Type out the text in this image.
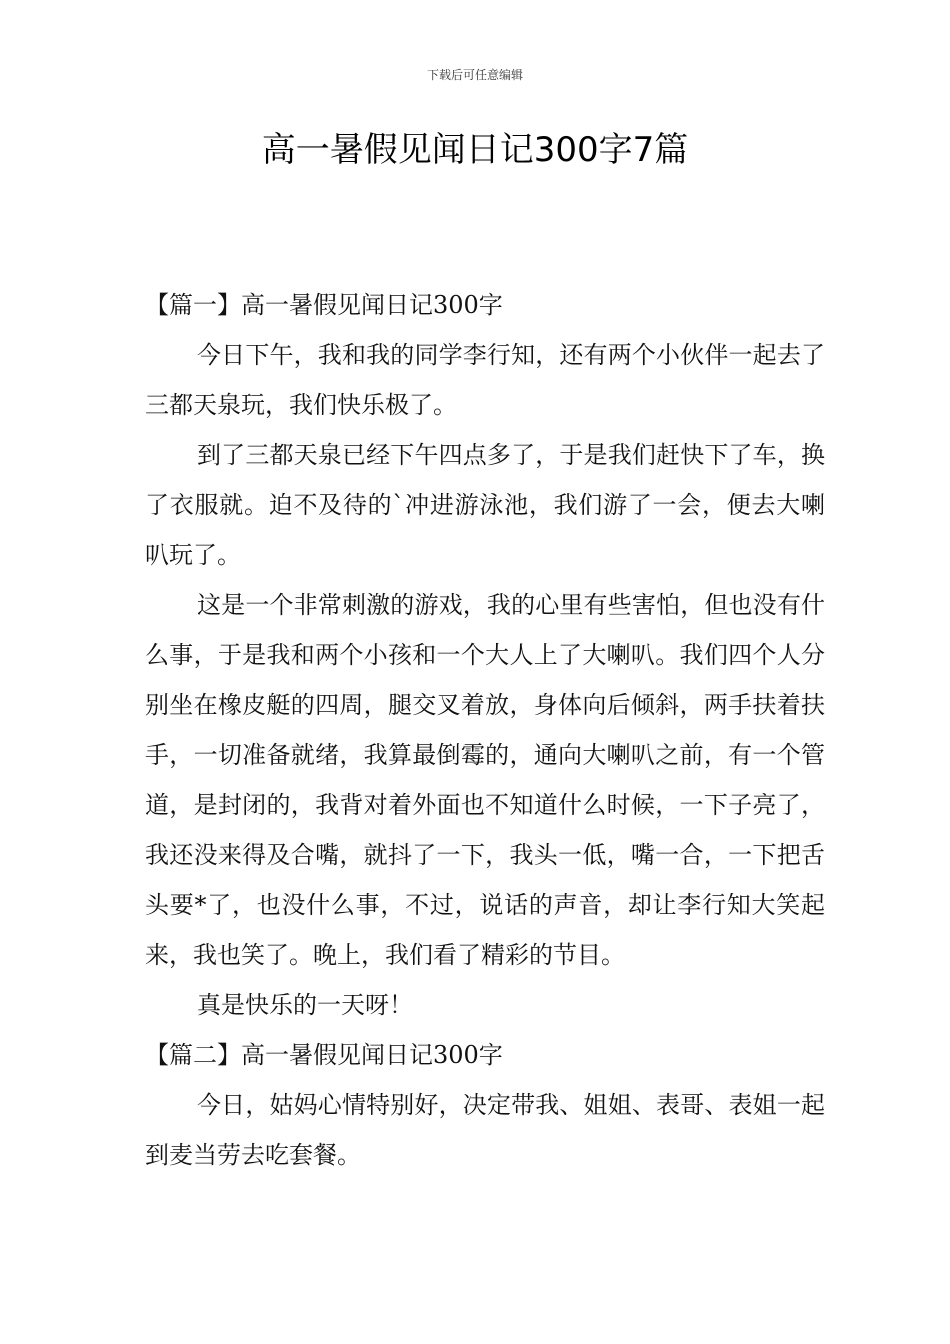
下载后可任意编辑
高一暑假见闻日记300字7篇
【篇一】高一暑假见闻日记300字

今日下午，我和我的同学李行知，还有两个小伙伴一起去了三都天泉玩，我们快乐极了。

到了三都天泉已经下午四点多了，于是我们赶快下了车，换了衣服就。迫不及待的`冲进游泳池，我们游了一会，便去大喇叭玩了。

这是一个非常刺激的游戏，我的心里有些害怕，但也没有什么事，于是我和两个小孩和一个大人上了大喇叭。我们四个人分别坐在橡皮艇的四周，腿交叉着放，身体向后倾斜，两手扶着扶手，一切准备就绪，我算最倒霉的，通向大喇叭之前，有一个管道，是封闭的，我背对着外面也不知道什么时候，一下子亮了，我还没来得及合嘴，就抖了一下，我头一低，嘴一合，一下把舌头要*了，也没什么事，不过，说话的声音，却让李行知大笑起来，我也笑了。晚上，我们看了精彩的节目。

真是快乐的一天呀！

【篇二】高一暑假见闻日记300字

今日，姑妈心情特别好，决定带我、姐姐、表哥、表姐一起到麦当劳去吃套餐。
